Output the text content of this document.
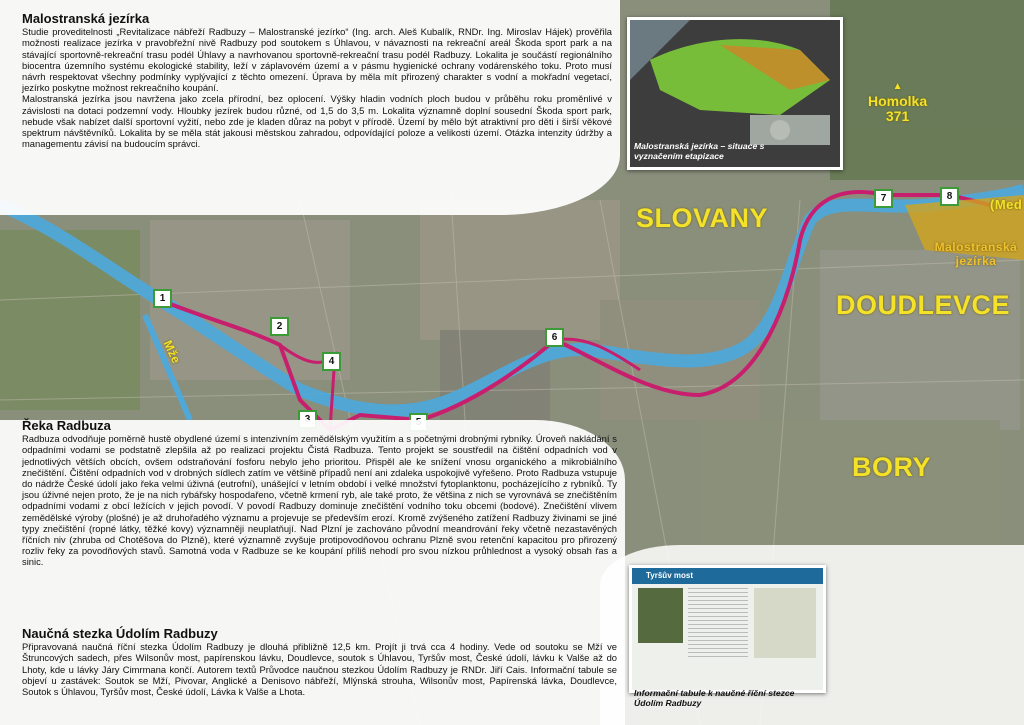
SLOVANY
DOUDLEVCE
BORY
Malostranská jezírka
(Med
Mže
▲
Homolka
371
1
2
4
6
7	8
Malostranská jezírka

Studie proveditelnosti „Revitalizace nábřeží Radbuzy – Malostranské jezírko“ (Ing. arch. Aleš Kubalík, RNDr. Ing. Miroslav Hájek) prověřila možnosti realizace jezírka v pravobřežní nivě Radbuzy pod soutokem s Úhlavou, v návaznosti na rekreační areál Škoda sport park a na stávající sportovně-rekreační trasu podél Úhlavy a navrhovanou sportovně-rekreační trasu podél Radbuzy. Lokalita je součástí regionálního biocentra územního systému ekologické stability, leží v záplavovém území a v pásmu hygienické ochrany vodárenského toku. Proto musí návrh respektovat všechny podmínky vyplývající z těchto omezení. Úprava by měla mít přirozený charakter s vodní a mokřadní vegetací, jezírko poskytne možnost rekreačního koupání.

Malostranská jezírka jsou navržena jako zcela přírodní, bez oplocení. Výšky hladin vodních ploch budou v průběhu roku proměnlivé v závislosti na dotaci podzemní vody. Hloubky jezírek budou různé, od 1,5 do 3,5 m. Lokalita významně doplní sousední Škoda sport park, nebude však nabízet další sportovní vyžití, nebo zde je kladen důraz na pobyt v přírodě. Území by mělo být atraktivní pro děti i širší věkové spektrum návštěvníků. Lokalita by se měla stát jakousi městskou zahradou, odpovídající poloze a velikosti území. Otázka intenzity údržby a managementu závisí na budoucím správci.

Řeka Radbuza

Radbuza odvodňuje poměrně hustě obydlené území s intenzivním zemědělským využitím a s početnými drobnými rybníky. Úroveň nakládání s odpadními vodami se podstatně zlepšila až po realizaci projektu Čistá Radbuza. Tento projekt se soustředil na čištění odpadních vod v jednotlivých větších obcích, ovšem odstraňování fosforu nebylo jeho prioritou. Přispěl ale ke snížení vnosu organického a mikrobiálního znečištění. Čištění odpadních vod v drobných sídlech zatím ve většině případů není ani zdaleka uspokojivě vyřešeno. Proto Radbuza vstupuje do nádrže České údolí jako řeka velmi úživná (eutrofní), unášející v letním období i velké množství fytoplanktonu, pocházejícího z rybníků. Ty jsou úživné nejen proto, že je na nich rybářsky hospodařeno, včetně krmení ryb, ale také proto, že většina z nich se vyrovnává se znečištěním odpadními vodami z obcí ležících v jejich povodí. V povodí Radbuzy dominuje znečištění vodního toku obcemi (bodové). Znečištění vlivem zemědělské výroby (plošné) je až druhořadého významu a projevuje se především erozí. Kromě zvýšeného zatížení Radbuzy živinami se jiné typy znečištění (ropné látky, těžké kovy) významněji neuplatňují. Nad Plzní je zachováno původní meandrování řeky včetně nezastavěných říčních niv (zhruba od Chotěšova do Plzně), které významně zvyšuje protipovodňovou ochranu Plzně svou retenční kapacitou pro přirozený rozliv řeky za povodňových stavů. Samotná voda v Radbuze se ke koupání příliš nehodí pro svou nízkou průhlednost a vysoký obsah řas a sinic.

Naučná stezka Údolím Radbuzy

Připravovaná naučná říční stezka Údolím Radbuzy je dlouhá přibližně 12,5 km. Projít ji trvá cca 4 hodiny. Vede od soutoku se Mží ve Štruncových sadech, přes Wilsonův most, papírenskou lávku, Doudlevce, soutok s Úhlavou, Tyršův most, České údolí, lávku k Valše až do Lhoty, kde u lávky Járy Cimrmana končí. Autorem textů Průvodce naučnou stezkou Údolím Radbuzy je RNDr. Jiří Cais. Informační tabule se objeví u zastávek: Soutok se Mží, Pivovar, Anglické a Denisovo nábřeží, Mlýnská strouha, Wilsonův most, Papírenská lávka, Doudlevce, Soutok s Úhlavou, Tyršův most, České údolí, Lávka k Valše a Lhota.

Malostranská jezírka – situace s vyznačením etapizace
Tyršův most
Informační tabule k naučné říční stezce Údolím Radbuzy
